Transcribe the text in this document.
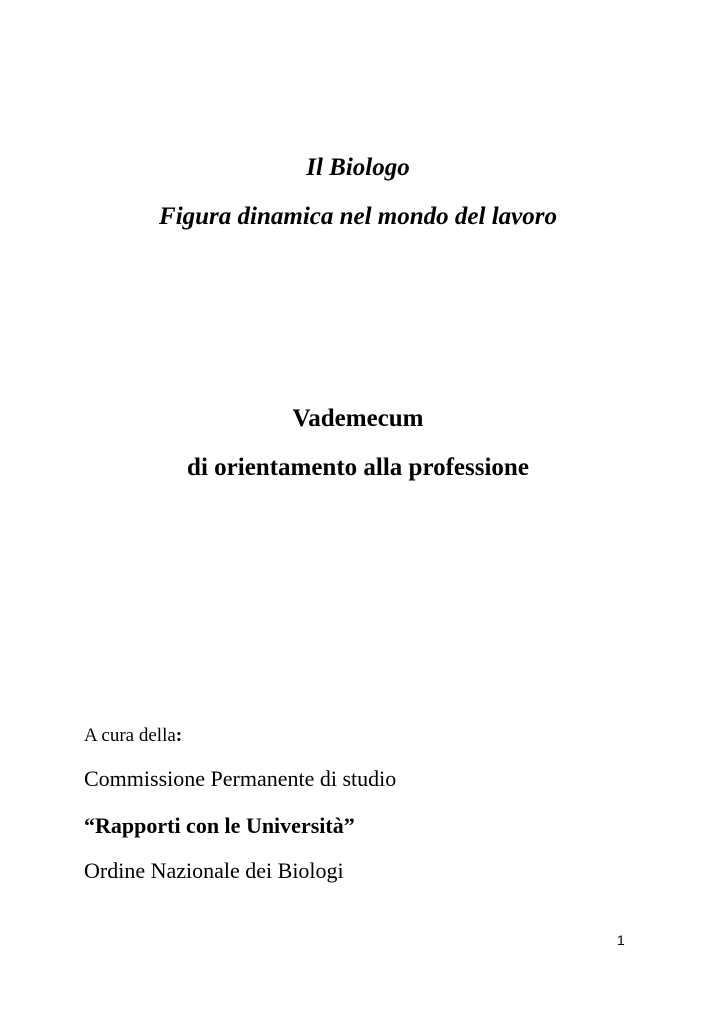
Il Biologo
Figura dinamica nel mondo del lavoro
Vademecum
di orientamento alla professione
A cura della:
Commissione Permanente di studio
“Rapporti con le Università”
Ordine Nazionale dei Biologi
1
